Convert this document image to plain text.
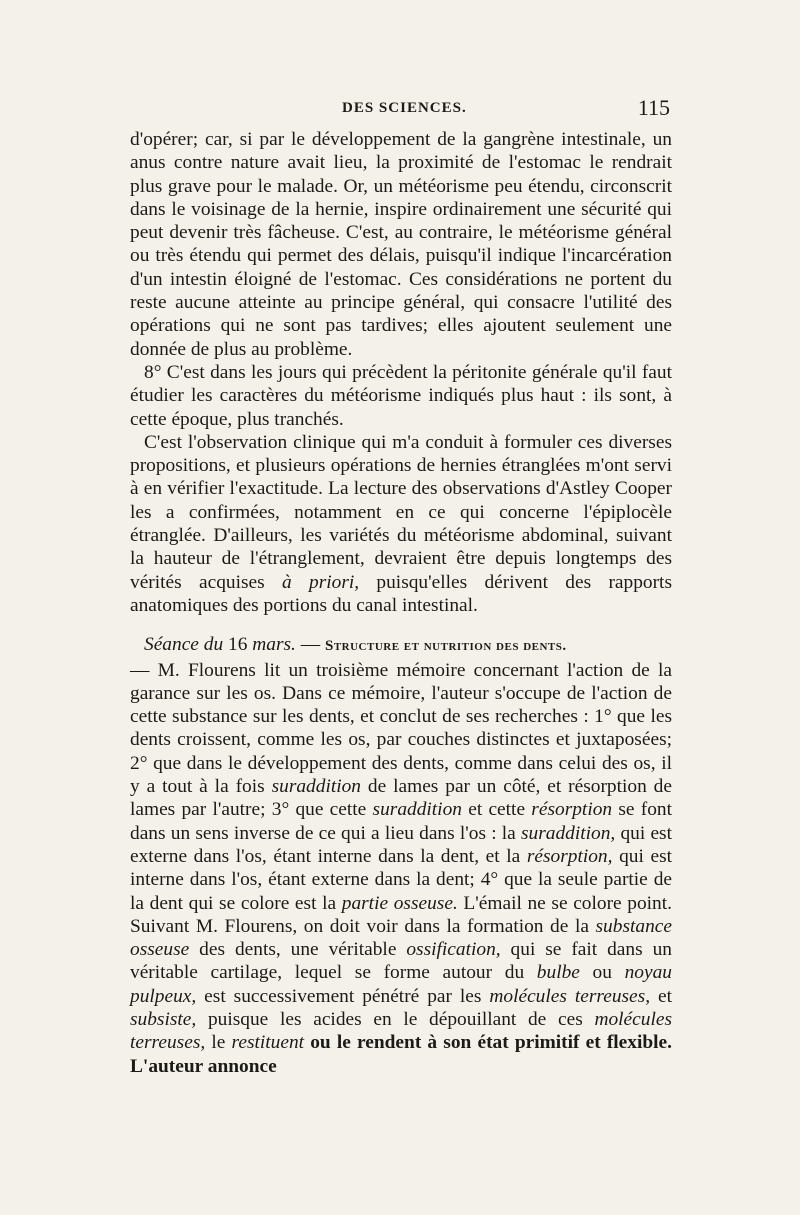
DES SCIENCES.	115

d'opérer; car, si par le développement de la gangrène intestinale, un anus contre nature avait lieu, la proximité de l'estomac le rendrait plus grave pour le malade. Or, un météorisme peu étendu, circonscrit dans le voisinage de la hernie, inspire ordinairement une sécurité qui peut devenir très fâcheuse. C'est, au contraire, le météorisme général ou très étendu qui permet des délais, puisqu'il indique l'incarcération d'un intestin éloigné de l'estomac. Ces considérations ne portent du reste aucune atteinte au principe général, qui consacre l'utilité des opérations qui ne sont pas tardives; elles ajoutent seulement une donnée de plus au problème.

8° C'est dans les jours qui précèdent la péritonite générale qu'il faut étudier les caractères du météorisme indiqués plus haut : ils sont, à cette époque, plus tranchés.

C'est l'observation clinique qui m'a conduit à formuler ces diverses propositions, et plusieurs opérations de hernies étranglées m'ont servi à en vérifier l'exactitude. La lecture des observations d'Astley Cooper les a confirmées, notamment en ce qui concerne l'épiplocèle étranglée. D'ailleurs, les variétés du météorisme abdominal, suivant la hauteur de l'étranglement, devraient être depuis longtemps des vérités acquises à priori, puisqu'elles dérivent des rapports anatomiques des portions du canal intestinal.

Séance du 16 mars. — Structure et nutrition des dents.

— M. Flourens lit un troisième mémoire concernant l'action de la garance sur les os. Dans ce mémoire, l'auteur s'occupe de l'action de cette substance sur les dents, et conclut de ses recherches : 1° que les dents croissent, comme les os, par couches distinctes et juxtaposées; 2° que dans le développement des dents, comme dans celui des os, il y a tout à la fois suraddition de lames par un côté, et résorption de lames par l'autre; 3° que cette suraddition et cette résorption se font dans un sens inverse de ce qui a lieu dans l'os : la suraddition, qui est externe dans l'os, étant interne dans la dent, et la résorption, qui est interne dans l'os, étant externe dans la dent; 4° que la seule partie de la dent qui se colore est la partie osseuse. L'émail ne se colore point. Suivant M. Flourens, on doit voir dans la formation de la substance osseuse des dents, une véritable ossification, qui se fait dans un véritable cartilage, lequel se forme autour du bulbe ou noyau pulpeux, est successivement pénétré par les molécules terreuses, et subsiste, puisque les acides en le dépouillant de ces molécules terreuses, le restituent ou le rendent à son état primitif et flexible. L'auteur annonce
